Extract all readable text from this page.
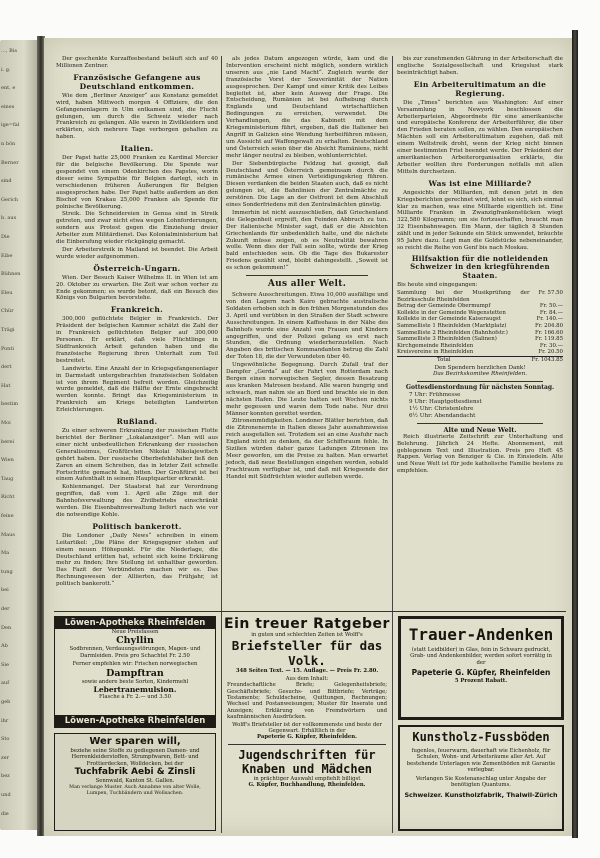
…, Bis
i. g.
ent, e
eines
ige=fal
n bön
Berner
sind
Gerich
b. aus
Die
Eibe
Bühnen
Eleu
Chür
Trägi
Ponti
dert
Hat
bestim
Moi
berei
Wien
Taug
Richt
feine
Maus
Ma
tung
bei
der
Den
Ab
Sie
auf
geb
ihr
Sto
zer
bez
und
die

Der geschenkte Kurzaffeebestand beläuft sich auf 40 Millionen Zentner.

Französische Gefangene aus Deutschland entkommen.

Wie dem „Berliner Anzeiger“ aus Konstanz gemeldet wird, haben Mittwoch morgen 4 Offiziere, die den Gefangenenlagern in Ulm entkamen sind, die Flucht gelungen, um durch die Schweiz wieder nach Frankreich zu gelangen. Alle waren in Zivilkleidern und erklärten, sich mehrere Tage verborgen gehalten zu haben.

Italien.

Der Papst hatte 25,000 Franken zu Kardinal Mercier für die belgische Bevölkerung. Die Spende war gespendet von einem Odenkirchen des Papstes, worin dieser seine Sympathie für Belgien darlegt, sich in verschiedenen früheren Äußerungen für Belgien ausgesprochen habe. Der Papst hatte außerdem an den Bischof von Krakau 25,000 Franken als Spende für polnische Bevölkerung.

Streik. Die Schneidereien in Genua sind in Streik getreten, und zwar nicht etwa wegen Lohnforderungen, sondern aus Protest gegen die Einziehung dreier Arbeiter zum Militärdienst. Das Kolonialministerium hat die Einberufung wieder rückgängig gemacht.

Der Arbeiterstreik in Mailand ist beendet. Die Arbeit wurde wieder aufgenommen.

Österreich-Ungarn.

Wien. Der Besuch Kaiser Wilhelms II. in Wien ist am 20. Oktober zu erwarten. Die Zeit war schon vorher zu Ende gekommen; es wurde betont, daß ein Besuch des Königs von Bulgarien bevorstehe.

Frankreich.

300,000 geflüchtete Belgier in Frankreich. Der Präsident der belgischen Kammer schätzt die Zahl der in Frankreich geflüchteten Belgier auf 300,000 Personen. Er erklärt, daß viele Flüchtlinge in Südfrankreich Arbeit gefunden haben und die französische Regierung ihren Unterhalt zum Teil bestreitet.

Landwirte. Eine Anzahl der in Kriegsgefangenenlager in Darmstadt untergebrachten französischen Soldaten ist von ihrem Regiment befreit worden. Gleichzeitig wurde gemeldet, daß die Hälfte der Ernte eingebracht werden konnte. Bringt das Kriegsministerium in Frankreich am Kriege beteiligten Landwirten Erleichterungen.

Rußland.

Zu einer schweren Erkrankung der russischen Flotte berichtet der Berliner „Lokalanzeiger“. Man will aus einer nicht unbedeutlichen Erkrankung der russischen Generalissimus, Großfürsten Nikolai Nikolajewitsch gehört haben. Der russische Oberbefehlshaber ließ den Zaren an einem Schreiben, das in letzter Zeit schnelle Fortschritte gemacht hat, bitten. Der Großfürst ist bei einem Aufenthalt in seinem Hauptquartier erkrankt.

Kohlenmangel. Der Staatsrat hat zur Verordnung gegriffen, daß vom 1. April alle Züge mit der Bahnhofsverwaltung des Zivilbetriebs einschränkt werden. Die Eisenbahnverwaltung liefert nach wie vor die notwendige Kohle.

Politisch bankerott.

Die Londoner „Daily News“ schreiben in einem Leitartikel: „Die Pläne der Kriegsgegner stehen auf einem neuen Höhepunkt. Für die Niederlage, die Deutschland erlitten hat, scheint sich keine Erklärung mehr zu finden; Ihre Stellung ist unhaltbar geworden. Das Fazit der Verbündeten machen wir es. Das Rechnungswesen der Alliierten, das Frühjahr, ist politisch bankerott.“

als jedes Datum angezogen würde, kam und die Intervention erscheint nicht möglich, sondern wirklich unseren aus „nie Land Macht“. Zugleich wurde der französische Vorst der Souveränität der Nation ausgesprochen. Der Kampf und einer Kritik des Leibes begleitet ist, aber kein Ausweg der Frage. Die Entscheidung, Rumänien ist bei Aufhebung durch Englands und Deutschland wirtschaftlichen Bedingungen zu erreichen, verwendet. Die Verhandlungen, die das Kabinett mit dem Kriegsministerium führt, ergeben, daß die Italiener bei Angriff in Galizien eine Wendung herbeiführen müssen, um Aussicht auf Waffengewalt zu erhalten. Deutschland und Österreich seien über die Absicht Rumäniens, nicht mehr länger neutral zu bleiben, wohlunterrichtet.

Der Siebenbürgische Feldzug hat gezeigt, daß Deutschland und Österreich gemeinsam durch die rumänische Armee einen Verteidigungskrieg führen. Diesen verdanken die beiden Staaten auch, daß es nicht gelungen ist, die Bahnlinien der Zentralmächte zu zerstören. Die Lage an der Ostfront ist dem Abschluß eines Sonderfriedens mit den Zentralmächten günstig.

Immerhin ist nicht auszuschließen, daß Griechenland die Gelegenheit ergreift, den Feinden Abbruch zu tun. Der italienische Minister sagt, daß er die Absichten Griechenlands für unbedenklich halte, und die nächste Zukunft müsse zeigen, ob es Neutralität bewahren wolle. Wenn dies der Fall sein sollte, würde der Krieg bald entschieden sein. Ob die Tage des Bukarester Friedens gezählt sind, bleibt dahingestellt. „Soweit ist es schon gekommen!“

Aus aller Welt.

Schwere Ausschreitungen. Etwa 10,000 ausfällige und von den Lagern nach Kairo gebrachte australische Soldaten erhoben sich in den frühen Morgenstunden des 3. April und verübten in den Straßen der Stadt schwere Ausschreitungen. In einem Kaffeehaus in der Nähe des Bahnhofs wurde eine Anzahl von Frauen und Kindern angegriffen, und der Polizei gelang es erst nach Stunden, die Ordnung wiederherzustellen. Nach Angaben des britischen Kommandanten betrug die Zahl der Toten 18, die der Verwundeten über 40.

Ungewöhnliche Begegnung. Durch Zufall traf der Dampfer „Gerda“ auf der Fahrt von Rotterdam nach Bergen einen norwegischen Segler, dessen Besatzung aus kranken Matrosen bestand. Alle waren hungrig und schwach, man nahm sie an Bord und brachte sie in den nächsten Hafen. Die Leute hatten seit Wochen nichts mehr gegessen und waren dem Tode nahe. Nur drei Männer konnten gerettet werden.

Zitronenmüdigkeiten. Londoner Blätter berichten, daß die Zitronenernte in Italien dieses Jahr ausnahmsweise reich ausgefallen sei. Trotzdem sei an eine Ausfuhr nach England nicht zu denken, da der Schiffsraum fehle. In Sizilien würden daher ganze Ladungen Zitronen ins Meer geworfen, um die Preise zu halten. Man erwartet jedoch, daß neue Bestellungen eingehen werden, sobald Frachtraum verfügbar ist, und daß mit Kriegsende der Handel mit Südfrüchten wieder aufleben werde.

bis zur zunehmenden Gährung in der Arbeiterschaft die englische Sozialgesellschaft und Kriegslust stark beeinträchtigt haben.

Ein Arbeiterultimatum an die Regierung.

Die „Times“ berichten aus Washington: Auf einer Versammlung in Newyork beschlossen die Arbeiterparteien, Abgeordnete für eine amerikanische und europäische Konferenz der Arbeiterführer, die über den Frieden beraten sollen, zu wählen. Den europäischen Mächten soll ein Arbeiterultimatum zugehen, daß mit einem Weltstreik droht, wenn der Krieg nicht binnen einer bestimmten Frist beendet werde. Der Präsident der amerikanischen Arbeiterorganisation erklärte, die Arbeiter wollten ihre Forderungen notfalls mit allen Mitteln durchsetzen.

Was ist eine Milliarde?

Angesichts der Milliarden, mit denen jetzt in den Kriegsberichten gerechnet wird, lohnt es sich, sich einmal klar zu machen, was eine Milliarde eigentlich ist. Eine Milliarde Franken in Zwanzigfrankenstücken wiegt 322,580 Kilogramm; um sie fortzuschaffen, braucht man 32 Eisenbahnwagen. Ein Mann, der täglich 8 Stunden zählt und in jeder Sekunde ein Stück umwendet, bräuchte 95 Jahre dazu. Legt man die Goldstücke nebeneinander, so reicht die Reihe von Genf bis nach Moskau.

Hilfsaktion für die notleidenden Schweizer in den kriegführenden Staaten.
Bis heute sind eingegangen:
Sammlung bei der Musikprüfung der Bezirksschule Rheinfelden	Fr. 57.50
Betrag der Gemeinde Obermumpf	Fr. 50.—
Kollekte in der Gemeinde Wegenstetten	Fr. 84.—
Kollekte in der Gemeinde Kaiseraugst	Fr. 140.—
Sammelliste 1 Rheinfelden (Marktplatz)	Fr. 204.80
Sammelliste 2 Rheinfelden (Bahnhofstr.)	Fr. 166.60
Sammelliste 3 Rheinfelden (Salinen)	Fr. 119.85
Kirchgemeinde Rheinfelden	Fr. 30.—
Kreisvereine in Rheinfelden	Fr. 20.50
Total	Fr. 1043.85
Den Spendern herzlichen Dank!
Das Bezirkskomitee Rheinfelden.
Gottesdienstordnung für nächsten Sonntag.
7 Uhr: Frühmesse
9 Uhr: Hauptgottesdienst
1½ Uhr: Christenlehre
6½ Uhr: Abendandacht
Alte und Neue Welt.

Reich illustrierte Zeitschrift zur Unterhaltung und Belehrung. Jährlich 24 Hefte. Abonnement, mit geblegenem Text und Illustration. Preis pro Heft 45 Rappen. Verlag von Benziger & Cie. in Einsiedeln. Alte und Neue Welt ist für jede katholische Familie bestens zu empfehlen.

Löwen-Apotheke Rheinfelden
Neue Preisfassen
Chyllin
Sodbrennen, Verdauungsstörungen, Magen- und Darmleiden. Preis pro Schachtel Fr. 2.50
Ferner empfehlen wir: Frischen norwegischen
Dampftran
sowie andere beste Sorten, Kindermehl
Lebertranemulsion.
Flasche à Fr. 2.— und 3.50
Löwen-Apotheke Rheinfelden
Wer sparen will,
beziehe seine Stoffe zu gediegenen Damen- und Herrenkleiderstoffen, Strumpfwaren, Bett- und Frottierdecken, Wolldecken, bei der
Tuchfabrik Aebi & Zinsli
Sennwald, Kanton St. Gallen.
Man verlange Muster. Auch Annahme von alter Wolle, Lumpen, Tuchbändern und Wollsachen.
Ein treuer Ratgeber
in guten und schlechten Zeiten ist Wolff's
Briefsteller für das Volk.
348 Seiten Text. — 15. Auflage. — Preis Fr. 2.80.
Aus dem Inhalt:
Freundschaftliche Briefe; Gelegenheitsbriefe; Geschäftsbriefe; Gesuchs- und Bittbriefe; Verträge; Testamente; Schuldscheine, Quittungen, Rechnungen; Wechsel und Postanweisungen; Muster für Inserate und Anzeigen; Erklärung von Fremdwörtern und kaufmännischen Ausdrücken.
Wolff's Briefsteller ist der vollkommenste und beste der Gegenwart. Erhältlich in der
Papeterie G. Küpfer, Rheinfelden.
Jugendschriften für Knaben und Mädchen
in prächtiger Auswahl empfiehlt billigst
G. Küpfer, Buchhandlung, Rheinfelden.
Trauer-Andenken
(statt Leidbilder) in Glas, fein in Schwarz gedruckt, Grab- und Andenkenbilder, werden sofort vorrätig in der
Papeterie G. Küpfer, Rheinfelden
5 Prozent Rabatt.
Kunstholz-Fussböden
fugenlos, feuerwarm, dauerhaft wie Eichenholz, für Schulen, Wohn- und Arbeitsräume aller Art. Auf bestehende Unterlagen wie Zementböden mit Garantie verlegbar.
Verlangen Sie Kostenanschlag unter Angabe der benötigten Quantums.
Schweizer. Kunstholzfabrik, Thalwil-Zürich
